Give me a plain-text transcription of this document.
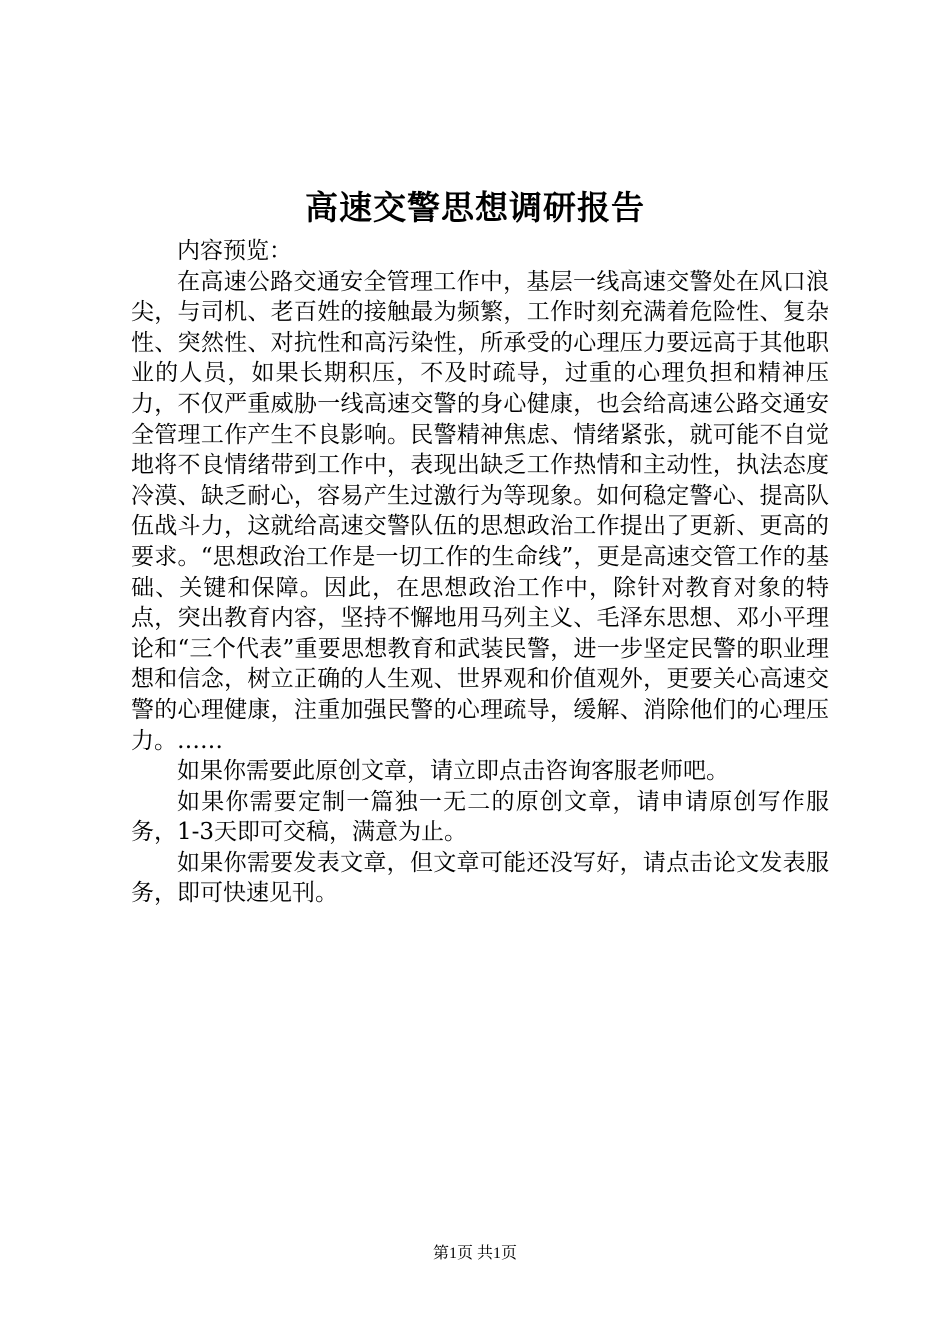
高速交警思想调研报告

内容预览：

在高速公路交通安全管理工作中，基层一线高速交警处在风口浪尖，与司机、老百姓的接触最为频繁，工作时刻充满着危险性、复杂性、突然性、对抗性和高污染性，所承受的心理压力要远高于其他职业的人员，如果长期积压，不及时疏导，过重的心理负担和精神压力，不仅严重威胁一线高速交警的身心健康，也会给高速公路交通安全管理工作产生不良影响。民警精神焦虑、情绪紧张，就可能不自觉地将不良情绪带到工作中，表现出缺乏工作热情和主动性，执法态度冷漠、缺乏耐心，容易产生过激行为等现象。如何稳定警心、提高队伍战斗力，这就给高速交警队伍的思想政治工作提出了更新、更高的要求。“思想政治工作是一切工作的生命线”，更是高速交管工作的基础、关键和保障。因此，在思想政治工作中，除针对教育对象的特点，突出教育内容，坚持不懈地用马列主义、毛泽东思想、邓小平理论和“三个代表”重要思想教育和武装民警，进一步坚定民警的职业理想和信念，树立正确的人生观、世界观和价值观外，更要关心高速交警的心理健康，注重加强民警的心理疏导，缓解、消除他们的心理压力。……

如果你需要此原创文章，请立即点击咨询客服老师吧。

如果你需要定制一篇独一无二的原创文章，请申请原创写作服务，1-3天即可交稿，满意为止。

如果你需要发表文章，但文章可能还没写好，请点击论文发表服务，即可快速见刊。

第1页 共1页
